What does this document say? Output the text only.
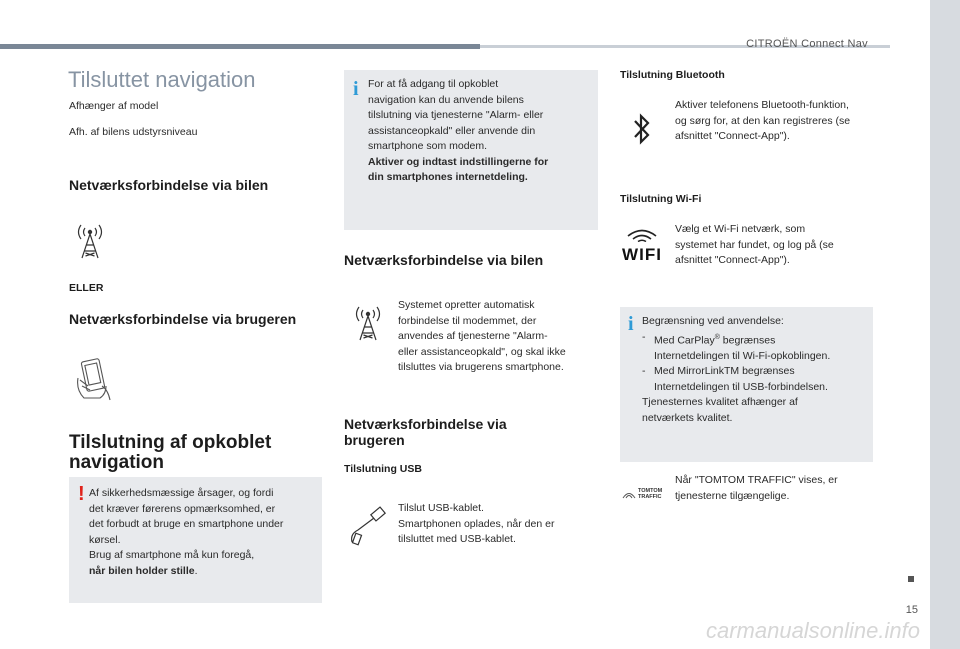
CITROËN Connect Nav
15
carmanualsonline.info
Tilsluttet navigation
Afhænger af model
Afh. af bilens udstyrsniveau
Netværksforbindelse via bilen
ELLER
Netværksforbindelse via brugeren
Tilslutning af opkoblet navigation
! Af sikkerhedsmæssige årsager, og fordi
det kræver førerens opmærksomhed, er
det forbudt at bruge en smartphone under
kørsel.
Brug af smartphone må kun foregå,
når bilen holder stille.
i For at få adgang til opkoblet
navigation kan du anvende bilens
tilslutning via tjenesterne "Alarm- eller
assistanceopkald" eller anvende din
smartphone som modem.
Aktiver og indtast indstillingerne for
din smartphones internetdeling.
Netværksforbindelse via bilen
Systemet opretter automatisk
forbindelse til modemmet, der
anvendes af tjenesterne "Alarm-
eller assistanceopkald", og skal ikke
tilsluttes via brugerens smartphone.
Netværksforbindelse via brugeren
Tilslutning USB
Tilslut USB-kablet.
Smartphonen oplades, når den er
tilsluttet med USB-kablet.
Tilslutning Bluetooth
Aktiver telefonens Bluetooth-funktion,
og sørg for, at den kan registreres (se
afsnittet "Connect-App").
Tilslutning Wi-Fi
WIFI
Vælg et Wi-Fi netværk, som
systemet har fundet, og log på (se
afsnittet "Connect-App").
i Begrænsning ved anvendelse:
- Med CarPlay® begrænses
Internetdelingen til Wi-Fi-opkoblingen.
- Med MirrorLinkTM begrænses
Internetdelingen til USB-forbindelsen.
Tjenesternes kvalitet afhænger af
netværkets kvalitet.
TOMTOM
TRAFFIC
Når "TOMTOM TRAFFIC" vises, er
tjenesterne tilgængelige.
